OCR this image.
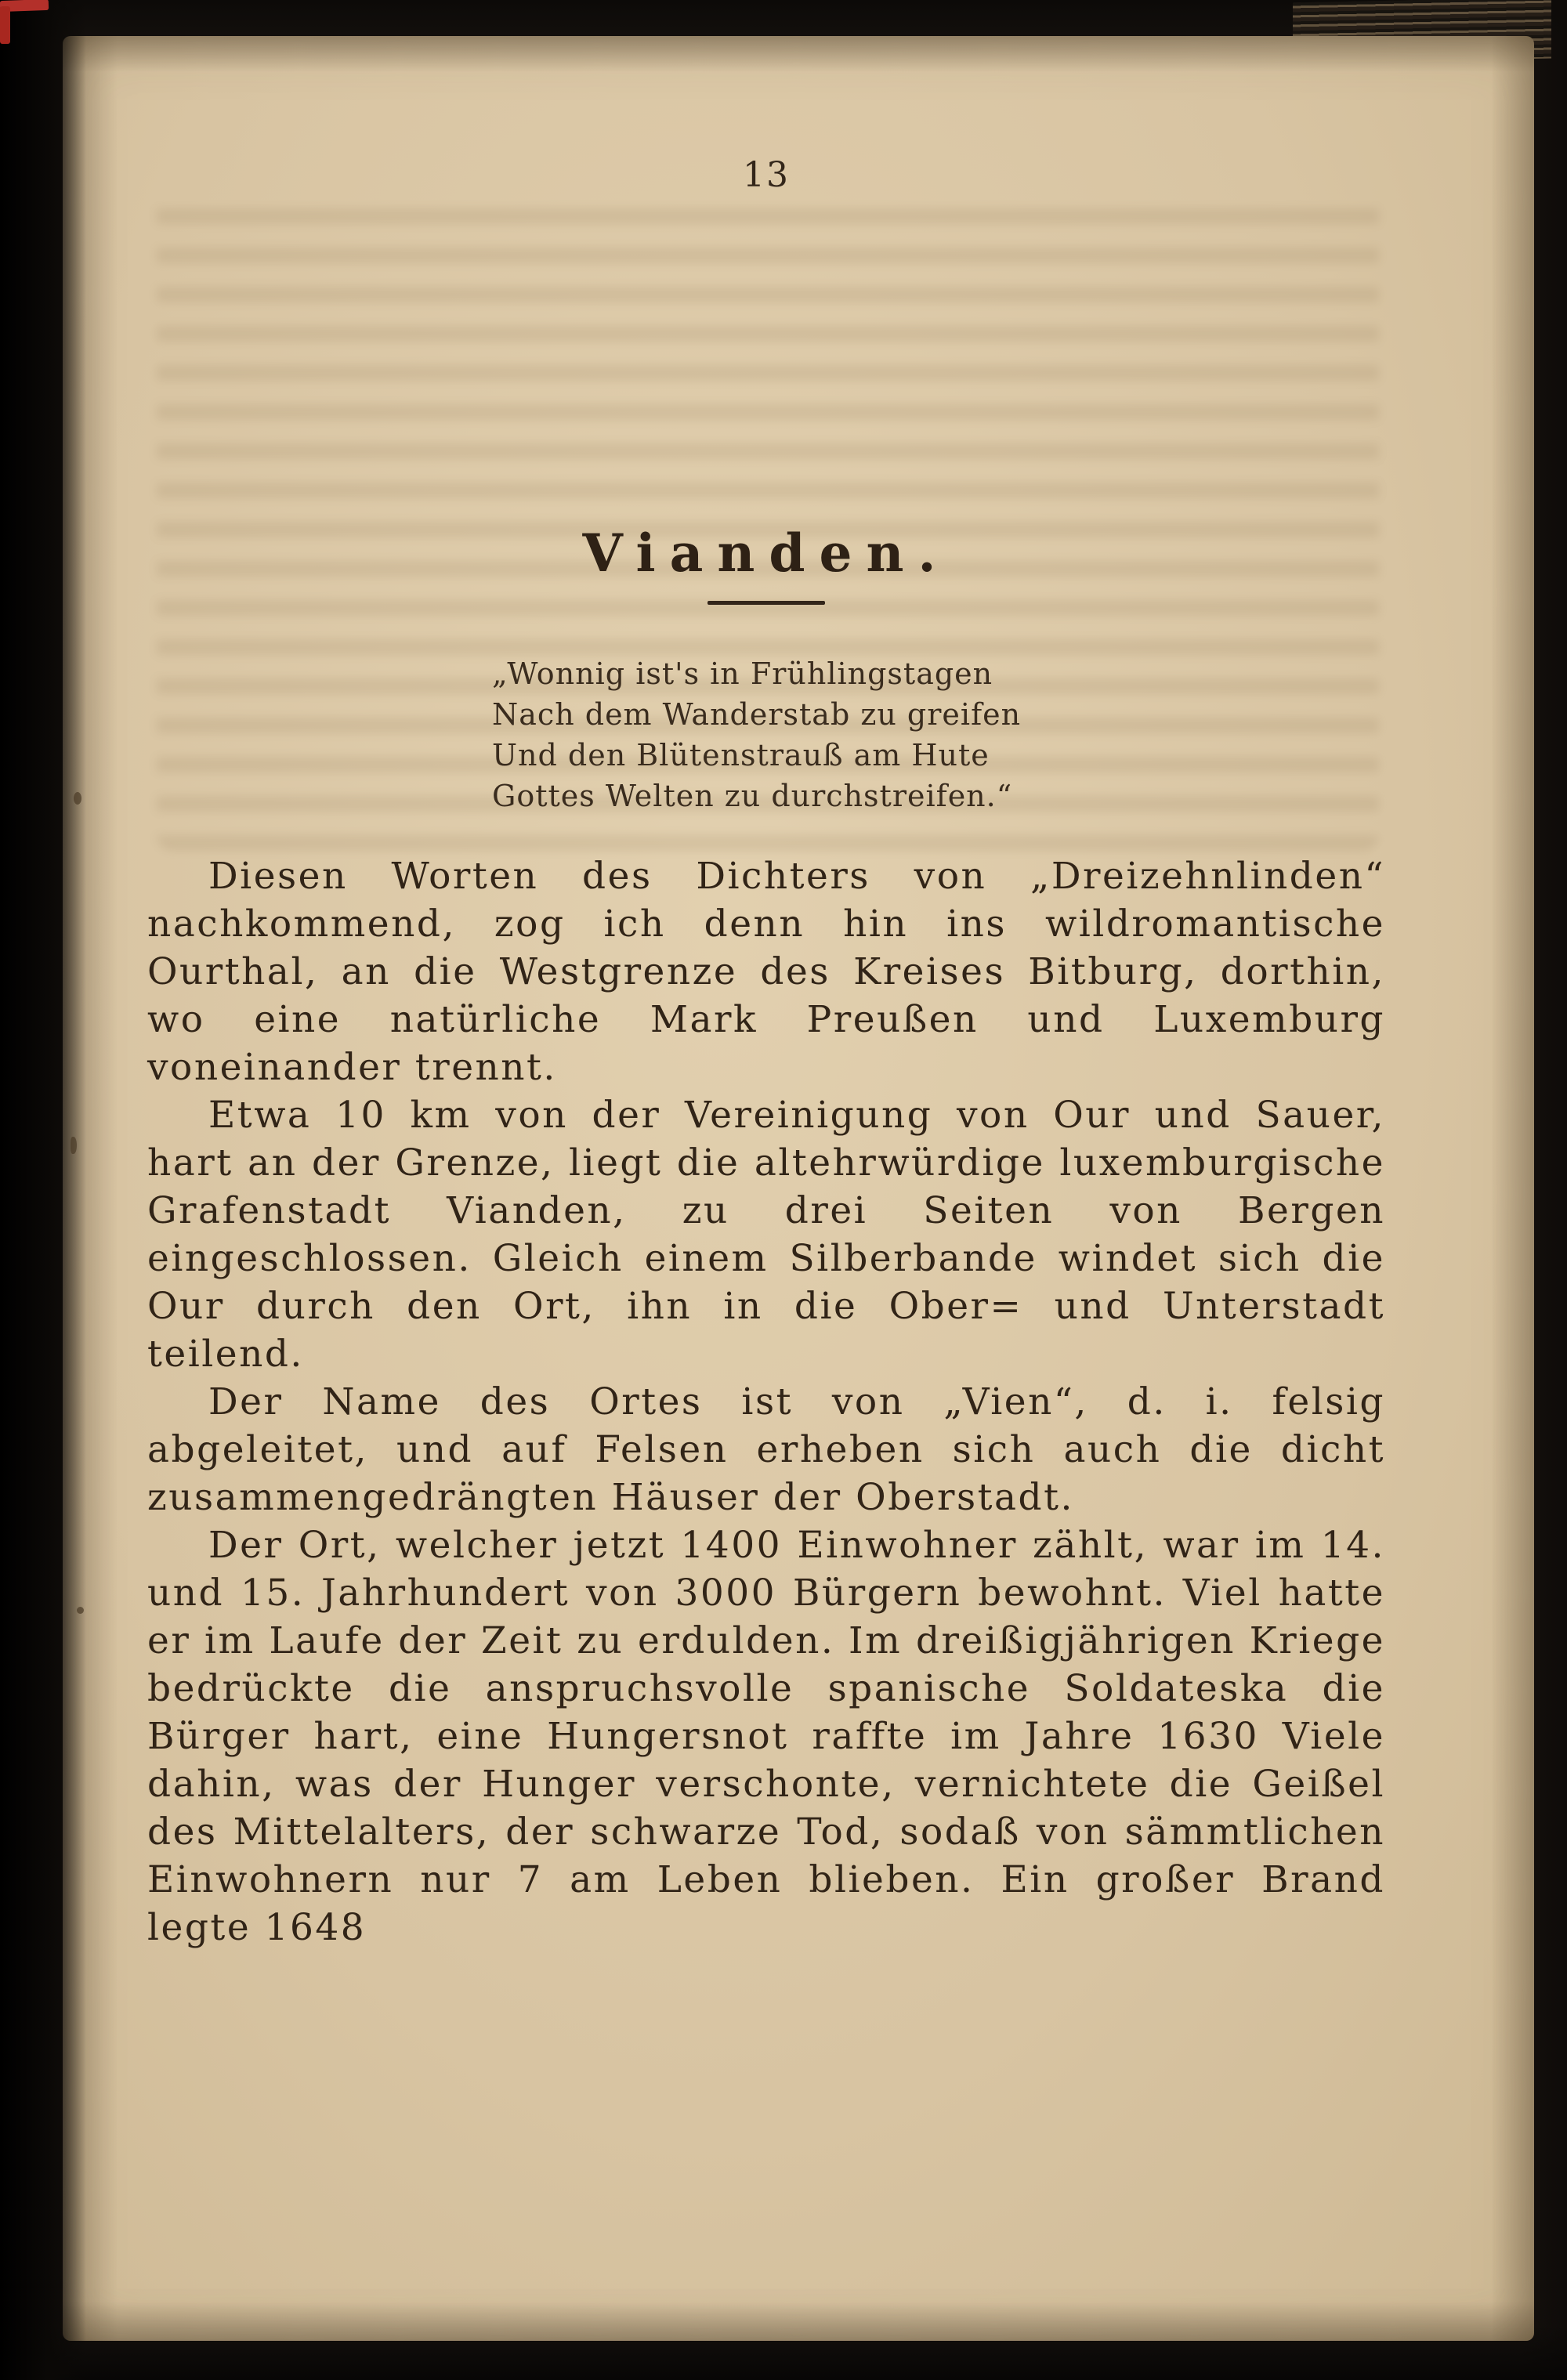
13
Vianden.
„Wonnig ist's in Frühlingstagen
Nach dem Wanderstab zu greifen
Und den Blütenstrauß am Hute
Gottes Welten zu durchstreifen.“

Diesen Worten des Dichters von „Dreizehnlinden“ nachkommend, zog ich denn hin ins wildromantische Ourthal, an die Westgrenze des Kreises Bitburg, dorthin, wo eine natürliche Mark Preußen und Luxemburg voneinander trennt.

Etwa 10 km von der Vereinigung von Our und Sauer, hart an der Grenze, liegt die altehrwürdige luxemburgische Grafenstadt Vianden, zu drei Seiten von Bergen eingeschlossen. Gleich einem Silberbande windet sich die Our durch den Ort, ihn in die Ober= und Unterstadt teilend.

Der Name des Ortes ist von „Vien“, d. i. felsig abgeleitet, und auf Felsen erheben sich auch die dicht zusammengedrängten Häuser der Oberstadt.

Der Ort, welcher jetzt 1400 Einwohner zählt, war im 14. und 15. Jahrhundert von 3000 Bürgern bewohnt. Viel hatte er im Laufe der Zeit zu erdulden. Im dreißigjährigen Kriege bedrückte die anspruchsvolle spanische Soldateska die Bürger hart, eine Hungersnot raffte im Jahre 1630 Viele dahin, was der Hunger verschonte, vernichtete die Geißel des Mittelalters, der schwarze Tod, sodaß von sämmtlichen Einwohnern nur 7 am Leben blieben. Ein großer Brand legte 1648
